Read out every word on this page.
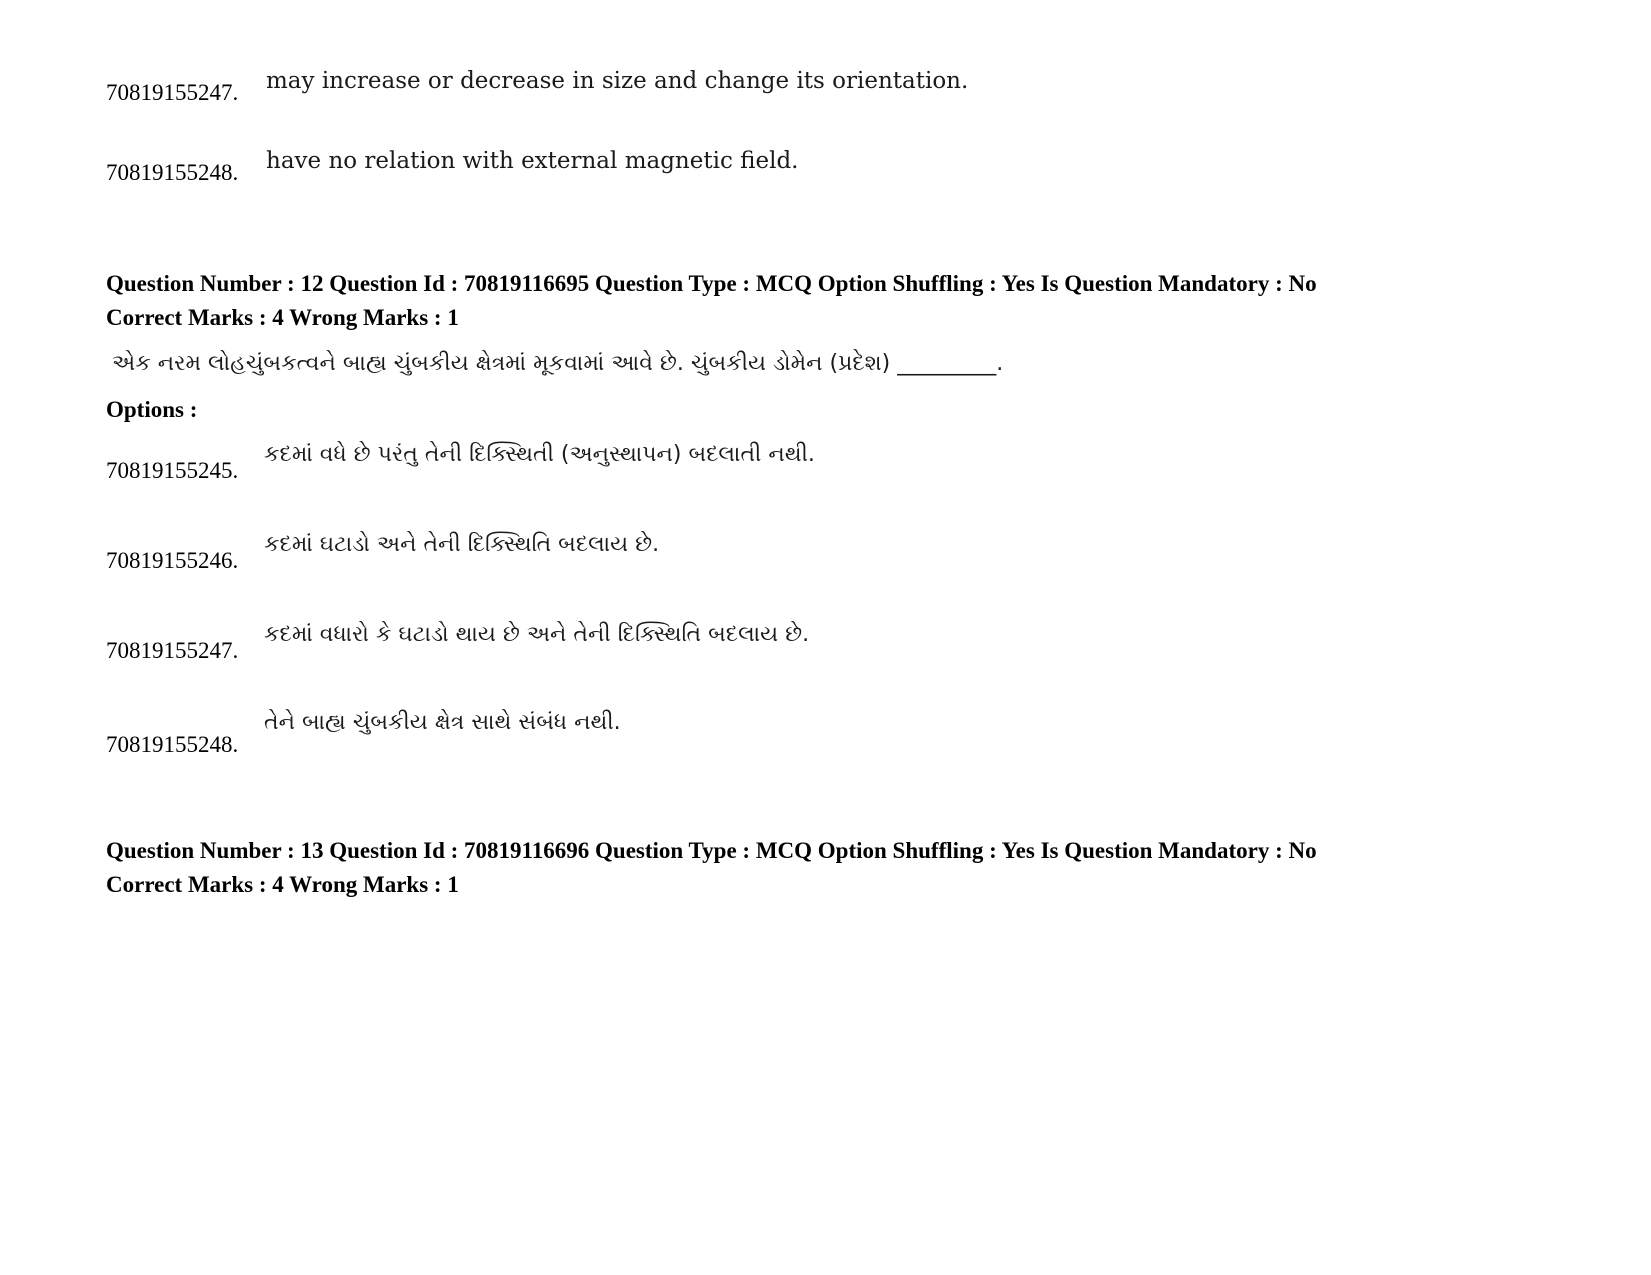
70819155247. may increase or decrease in size and change its orientation.
70819155248. have no relation with external magnetic field.
Question Number : 12 Question Id : 70819116695 Question Type : MCQ Option Shuffling : Yes Is Question Mandatory : No
Correct Marks : 4 Wrong Marks : 1
એક નરમ લોહચુંબકત્વને બાહ્ય ચુંબકીય ક્ષેત્રમાં મૂકવામાં આવે છે. ચુંબકીય ડોમેન (પ્રદેશ) _________.
Options :
70819155245.
કદમાં વધે છે પરંતુ તેની દિક્સ્થિતી (અનુસ્થાપન) બદલાતી નથી.
70819155246.
કદમાં ઘટાડો અને તેની દિક્સ્થિતિ બદલાય છે.
70819155247.
કદમાં વધારો કે ઘટાડો થાય છે અને તેની દિક્સ્થિતિ બદલાય છે.
70819155248.
તેને બાહ્ય ચુંબકીય ક્ષેત્ર સાથે સંબંધ નથી.
Question Number : 13 Question Id : 70819116696 Question Type : MCQ Option Shuffling : Yes Is Question Mandatory : No
Correct Marks : 4 Wrong Marks : 1
